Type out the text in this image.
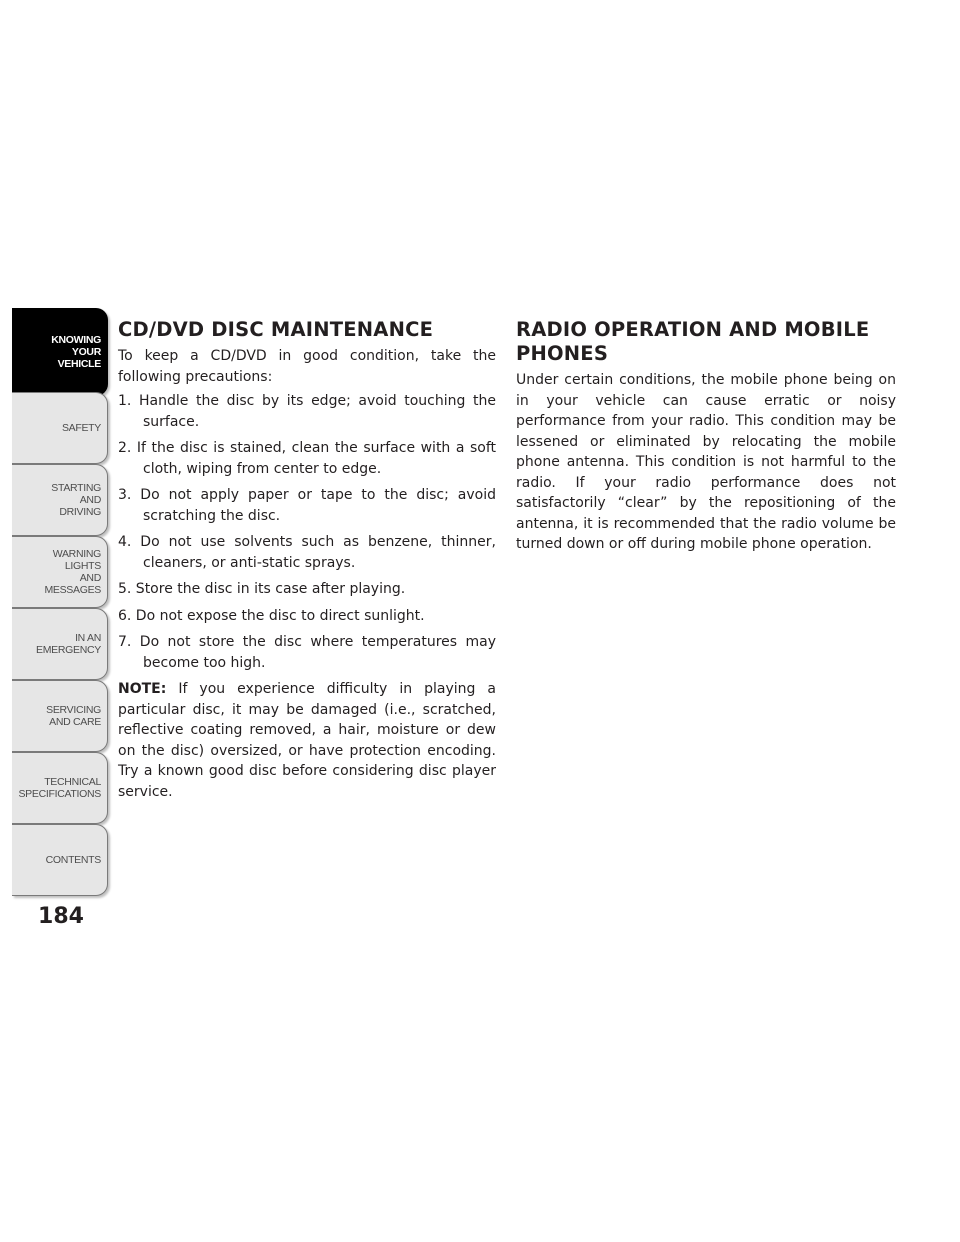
KNOWING
YOUR
VEHICLE
SAFETY
STARTING
AND
DRIVING
WARNING
LIGHTS
AND
MESSAGES
IN AN
EMERGENCY
SERVICING
AND CARE
TECHNICAL
SPECIFICATIONS
CONTENTS
184
CD/DVD DISC MAINTENANCE

To keep a CD/DVD in good condition, take the following precautions:

1. Handle the disc by its edge; avoid touching the surface.
2. If the disc is stained, clean the surface with a soft cloth, wiping from center to edge.
3. Do not apply paper or tape to the disc; avoid scratching the disc.
4. Do not use solvents such as benzene, thinner, cleaners, or anti-static sprays.
5. Store the disc in its case after playing.
6. Do not expose the disc to direct sunlight.
7. Do not store the disc where temperatures may become too high.

NOTE: If you experience difficulty in playing a particular disc, it may be damaged (i.e., scratched, reflective coating removed, a hair, moisture or dew on the disc) oversized, or have protection encoding. Try a known good disc before considering disc player service.

RADIO OPERATION AND MOBILE PHONES

Under certain conditions, the mobile phone being on in your vehicle can cause erratic or noisy performance from your radio. This condition may be lessened or eliminated by relocating the mobile phone antenna. This condition is not harmful to the radio. If your radio performance does not satisfactorily “clear” by the repositioning of the antenna, it is recommended that the radio volume be turned down or off during mobile phone operation.
